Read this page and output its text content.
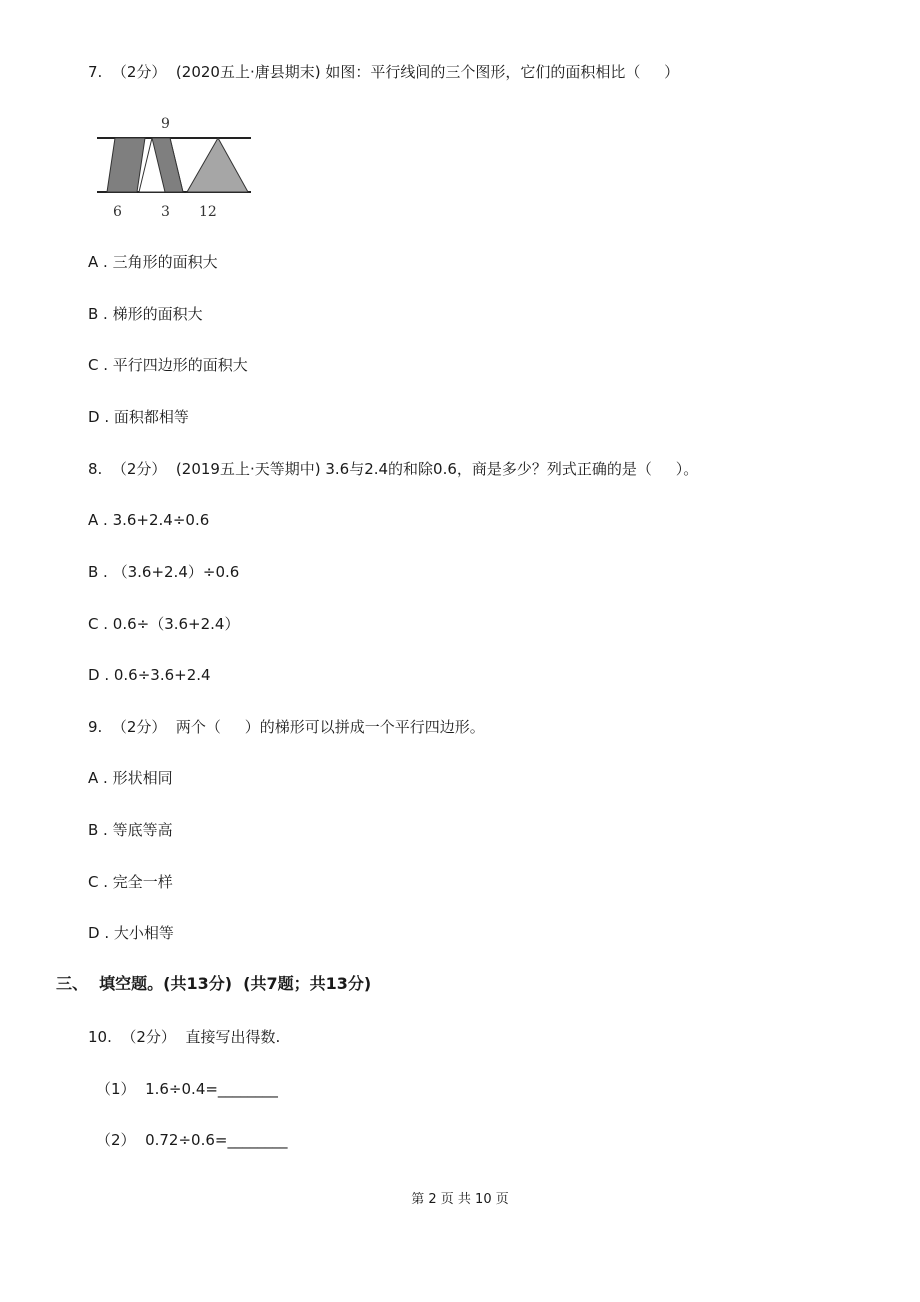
7.  （2分）  (2020五上·唐县期末) 如图：平行线间的三个图形，它们的面积相比（     ）
9
6	3 12
A . 三角形的面积大
B . 梯形的面积大
C . 平行四边形的面积大
D . 面积都相等
8.  （2分）  (2019五上·天等期中) 3.6与2.4的和除0.6，商是多少？列式正确的是（     ）。
A . 3.6+2.4÷0.6
B . （3.6+2.4）÷0.6
C . 0.6÷（3.6+2.4）
D . 0.6÷3.6+2.4
9.  （2分）  两个（     ）的梯形可以拼成一个平行四边形。
A . 形状相同
B . 等底等高
C . 完全一样
D . 大小相等
三、  填空题。(共13分)  (共7题；共13分)
10.  （2分）  直接写出得数.
（1）  1.6÷0.4=________
（2）  0.72÷0.6=________
第 2 页 共 10 页
